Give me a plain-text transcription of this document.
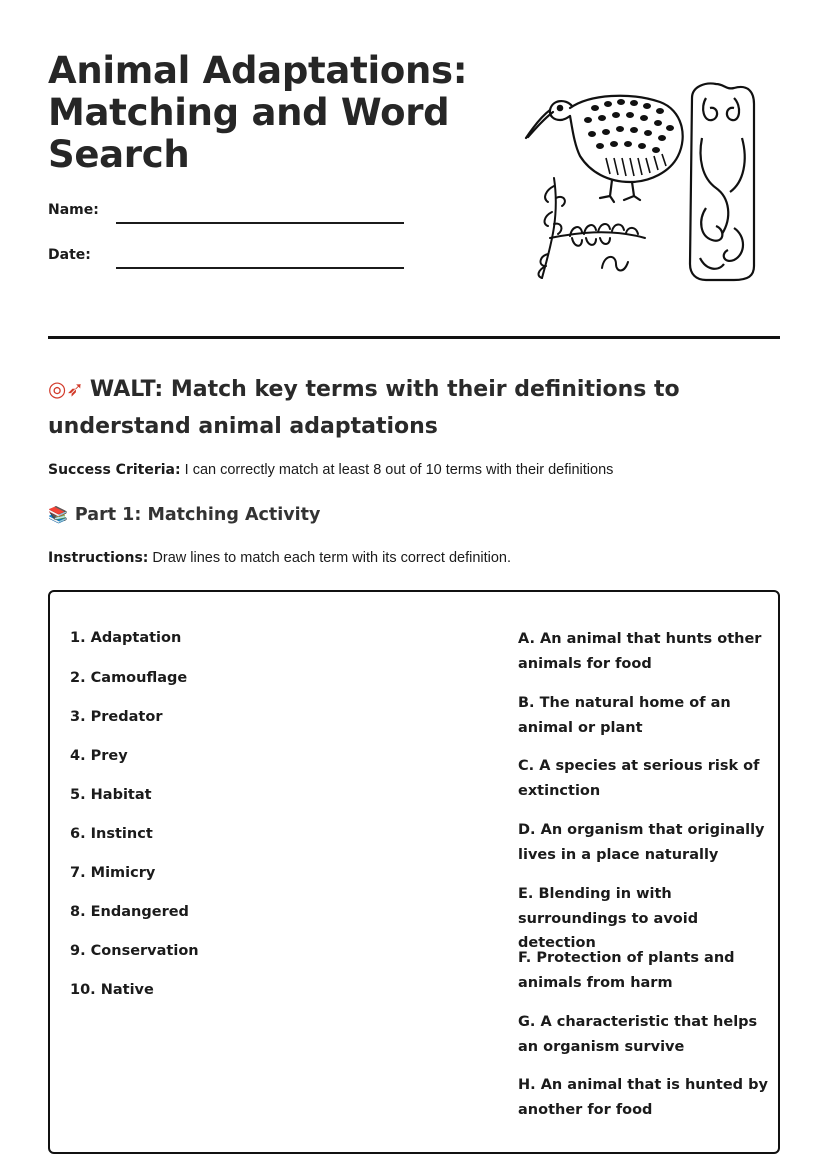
Animal Adaptations: Matching and Word Search
Name:
Date:
◎➶ WALT: Match key terms with their definitions to understand animal adaptations
Success Criteria: I can correctly match at least 8 out of 10 terms with their definitions
📚 Part 1: Matching Activity
Instructions: Draw lines to match each term with its correct definition.
1. Adaptation
2. Camouflage
3. Predator
4. Prey
5. Habitat
6. Instinct
7. Mimicry
8. Endangered
9. Conservation
10. Native
A. An animal that hunts other animals for food
B. The natural home of an animal or plant
C. A species at serious risk of extinction
D. An organism that originally lives in a place naturally
E. Blending in with surroundings to avoid detection
F. Protection of plants and animals from harm
G. A characteristic that helps an organism survive
H. An animal that is hunted by another for food
